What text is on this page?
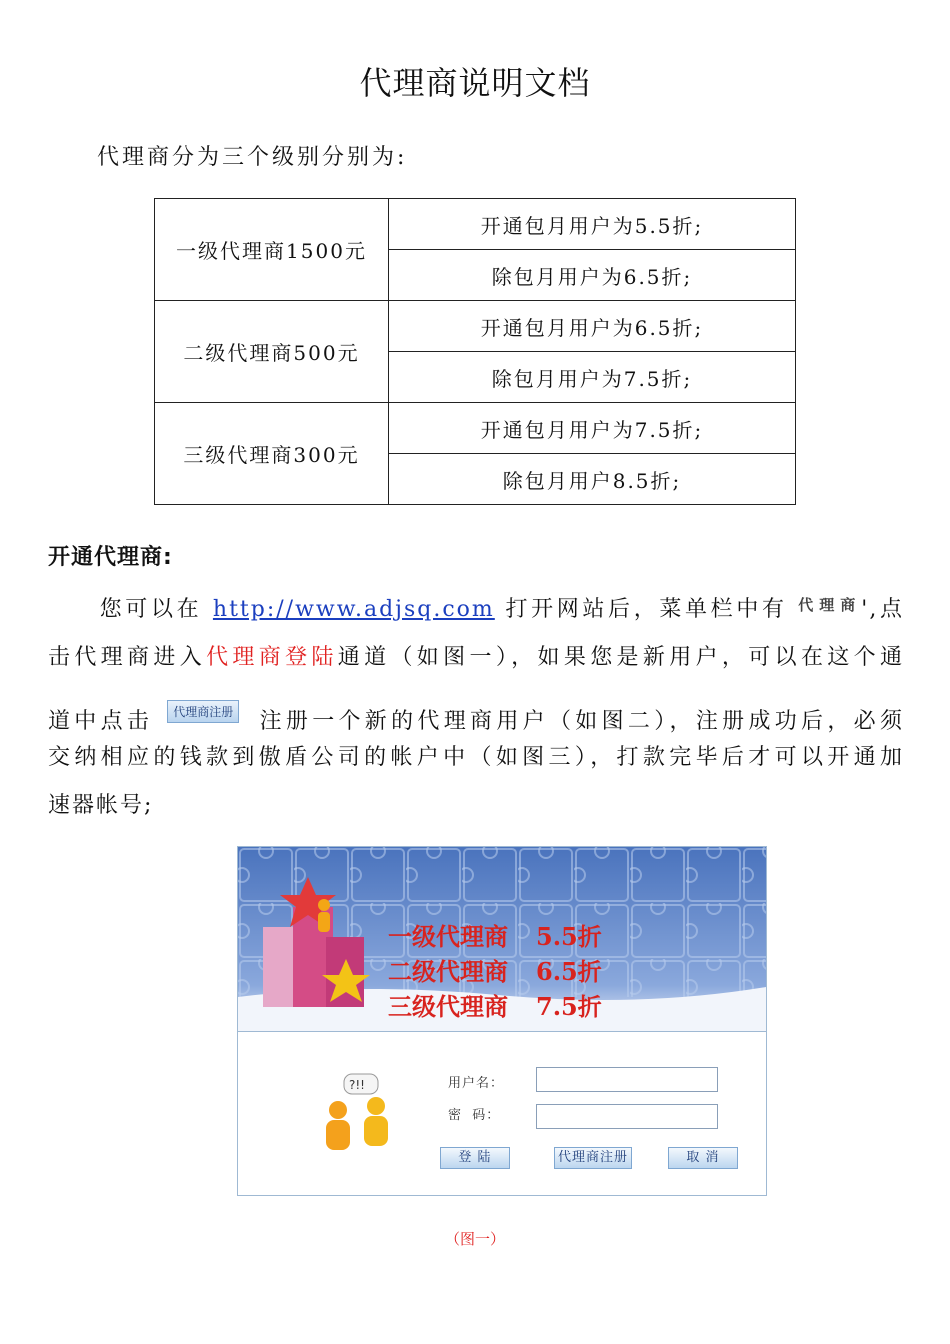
代理商说明文档
代理商分为三个级别分别为:
一级代理商1500元	开通包月用户为5.5折;
	除包月用户为6.5折;
二级代理商500元	开通包月用户为6.5折;
	除包月用户为7.5折;
三级代理商300元	开通包月用户为7.5折;
	除包月用户8.5折;
开通代理商:
您可以在 http://www.adjsq.com 打开网站后，菜单栏中有 代理商',点
击代理商进入代理商登陆通道（如图一），如果您是新用户，可以在这个通
道中点击 代理商注册 注册一个新的代理商用户（如图二），注册成功后，必须
交纳相应的钱款到傲盾公司的帐户中（如图三），打款完毕后才可以开通加
速器帐号;
一级代理商 5.5折
二级代理商 6.5折
三级代理商 7.5折
?!!	用户名：
密  码：
登 陆	代理商注册	取 消
（图一）
